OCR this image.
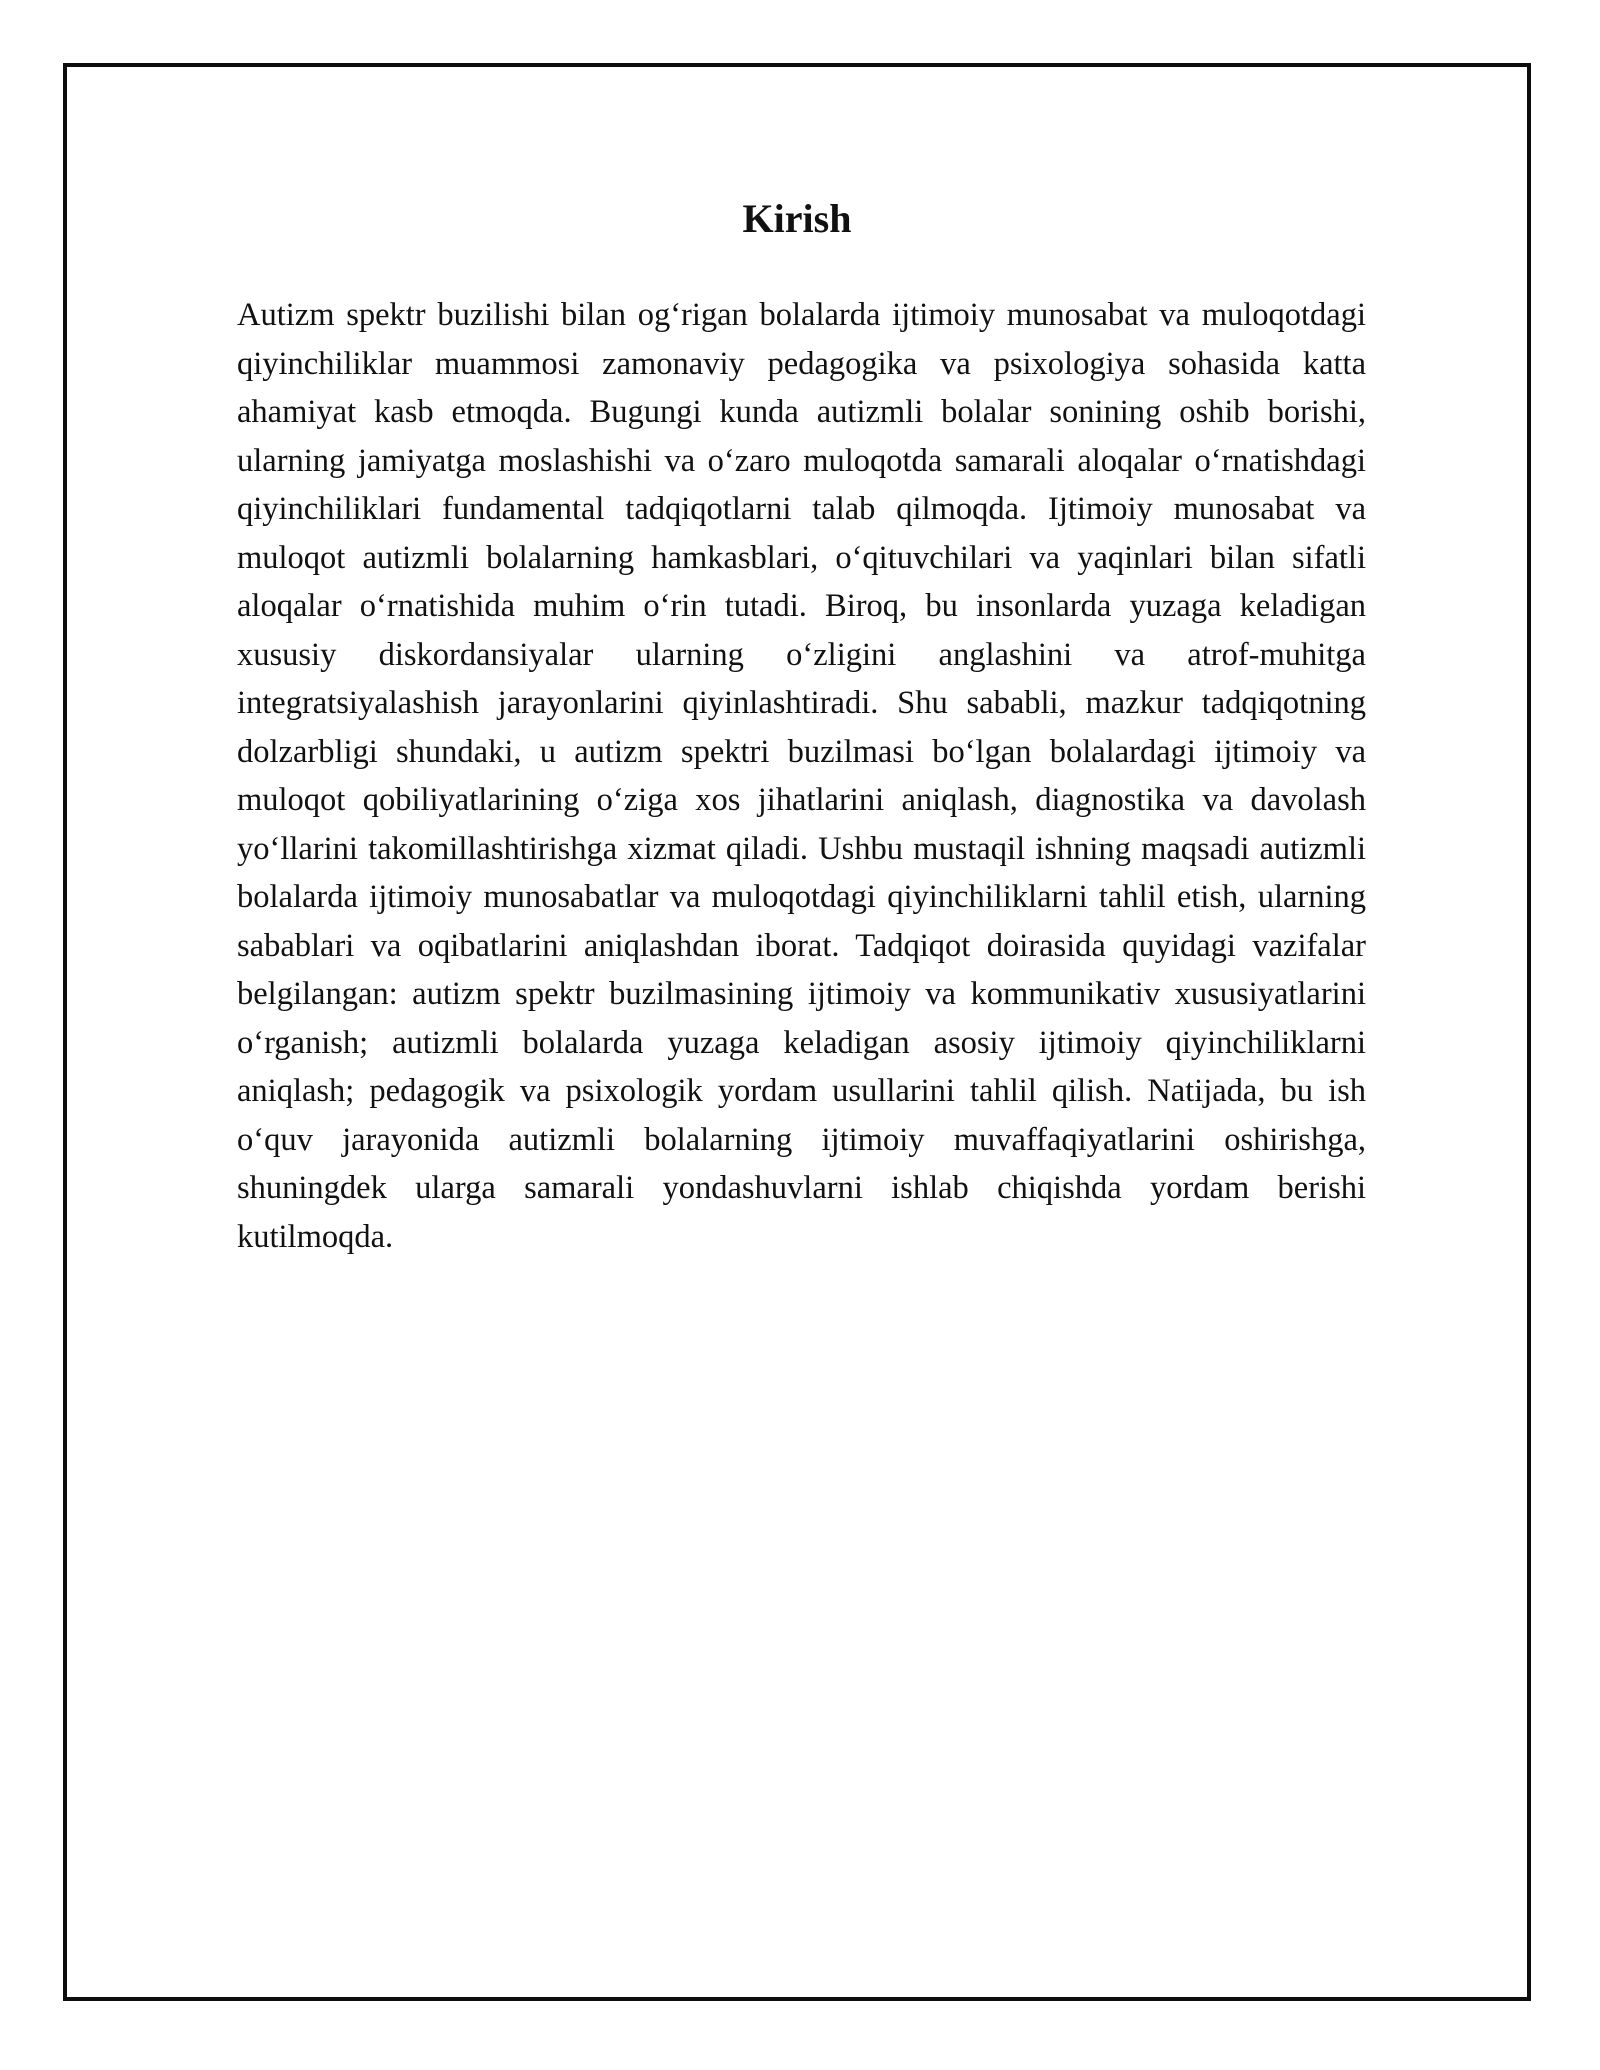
Kirish

Autizm spektr buzilishi bilan og‘rigan bolalarda ijtimoiy munosabat va muloqotdagi qiyinchiliklar muammosi zamonaviy pedagogika va psixologiya sohasida katta ahamiyat kasb etmoqda. Bugungi kunda autizmli bolalar sonining oshib borishi, ularning jamiyatga moslashishi va o‘zaro muloqotda samarali aloqalar o‘rnatishdagi qiyinchiliklari fundamental tadqiqotlarni talab qilmoqda. Ijtimoiy munosabat va muloqot autizmli bolalarning hamkasblari, o‘qituvchilari va yaqinlari bilan sifatli aloqalar o‘rnatishida muhim o‘rin tutadi. Biroq, bu insonlarda yuzaga keladigan xususiy diskordansiyalar ularning o‘zligini anglashini va atrof-muhitga integratsiyalashish jarayonlarini qiyinlashtiradi. Shu sababli, mazkur tadqiqotning dolzarbligi shundaki, u autizm spektri buzilmasi bo‘lgan bolalardagi ijtimoiy va muloqot qobiliyatlarining o‘ziga xos jihatlarini aniqlash, diagnostika va davolash yo‘llarini takomillashtirishga xizmat qiladi. Ushbu mustaqil ishning maqsadi autizmli bolalarda ijtimoiy munosabatlar va muloqotdagi qiyinchiliklarni tahlil etish, ularning sabablari va oqibatlarini aniqlashdan iborat. Tadqiqot doirasida quyidagi vazifalar belgilangan: autizm spektr buzilmasining ijtimoiy va kommunikativ xususiyatlarini o‘rganish; autizmli bolalarda yuzaga keladigan asosiy ijtimoiy qiyinchiliklarni aniqlash; pedagogik va psixologik yordam usullarini tahlil qilish. Natijada, bu ish o‘quv jarayonida autizmli bolalarning ijtimoiy muvaffaqiyatlarini oshirishga, shuningdek ularga samarali yondashuvlarni ishlab chiqishda yordam berishi kutilmoqda.
